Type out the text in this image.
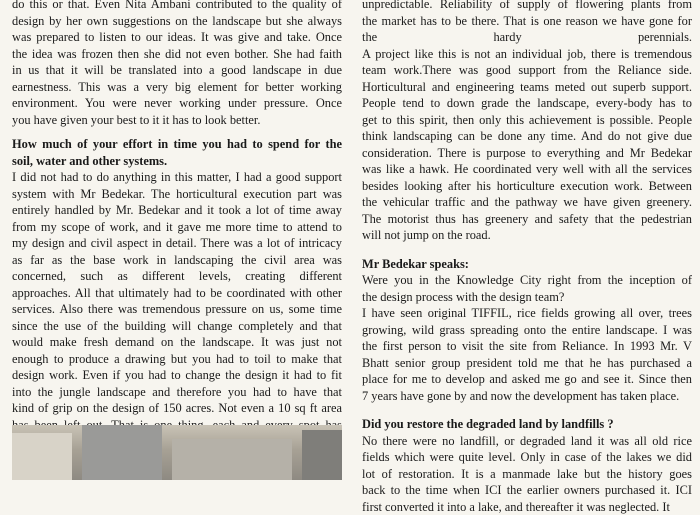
do this or that. Even Nita Ambani contributed to the quality of
design by her own suggestions on the landscape but she always
was prepared to listen to our ideas. It was give and take. Once
the idea was frozen then she did not even bother. She had faith
in us that it will be translated into a good landscape in due
earnestness. This was a very big element for better working
environment. You were never working under pressure. Once
you have given your best to it it has to look better.
How much of your effort in time you had to spend for the
soil, water and other systems.
I did not had to do anything in this matter, I had a good support
system with Mr Bedekar. The horticultural execution part was
entirely handled by Mr. Bedekar and it took a lot of time away
from my scope of work, and it gave me more time to attend to
my design and civil aspect in detail. There was a lot of intricacy
as far as the base work in landscaping the civil area was
concerned, such as different levels, creating different
approaches. All that ultimately had to be coordinated with other
services. Also there was tremendous pressure on us, some time
since the use of the building will change completely and that
would make fresh demand on the landscape. It was just not
enough to produce a drawing but you had to toil to make that
design work. Even if you had to change the design it had to fit
into the jungle landscape and therefore you had to have that
kind of grip on the design of 150 acres. Not even a 10 sq ft area
unpredictable. Reliability of supply of flowering plants from
the market has to be there. That is one reason we have gone for
the hardy perennials.
A project like this is not an individual job, there is tremendous
team work.There was good support from the Reliance side.
Horticultural and engineering teams meted out superb support.
People tend to down grade the landscape, every-body has to
get to this spirit, then only this achievement is possible. People
think landscaping can be done any time. And do not give due
consideration. There is purpose to everything and Mr Bedekar
was like a hawk. He coordinated very well with all the services
besides looking after his horticulture execution work. Between
the vehicular traffic and the pathway we have given greenery.
The motorist thus has greenery and safety that the pedestrian
will not jump on the road.
Mr Bedekar speaks:
Were you in the Knowledge City right from the inception of
the design process with the design team?
I have seen original TIFFIL, rice fields growing all over, trees
growing, wild grass spreading onto the entire landscape. I was
the first person to visit the site from Reliance. In 1993 Mr. V
Bhatt senior group president told me that he has purchased a
place for me to develop and asked me go and see it. Since then
7 years have gone by and now the development has taken place.
Did you restore the degraded land by landfills ?
No there were no landfill, or degraded land it was all old rice
fields which were quite level. Only in case of the lakes we did
lot of restoration. It is a manmade lake but the history goes
back to the time when ICI the earlier owners purchased it. ICI
first converted it into a lake, and thereafter it was neglected. It
